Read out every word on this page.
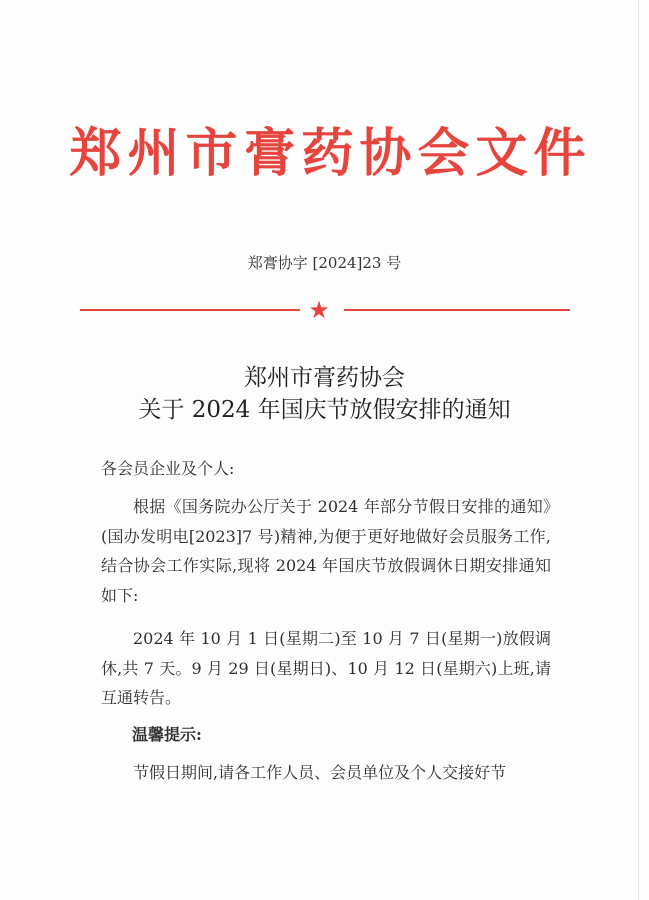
郑州市膏药协会文件
郑膏协字 [2024]23 号
★
郑州市膏药协会
关于 2024 年国庆节放假安排的通知
各会员企业及个人:
根据《国务院办公厅关于 2024 年部分节假日安排的通知》(国办发明电[2023]7 号)精神,为便于更好地做好会员服务工作,结合协会工作实际,现将 2024 年国庆节放假调休日期安排通知如下:
2024 年 10 月 1 日(星期二)至 10 月 7 日(星期一)放假调休,共 7 天。9 月 29 日(星期日)、10 月 12 日(星期六)上班,请互通转告。
温馨提示:
节假日期间,请各工作人员、会员单位及个人交接好节
